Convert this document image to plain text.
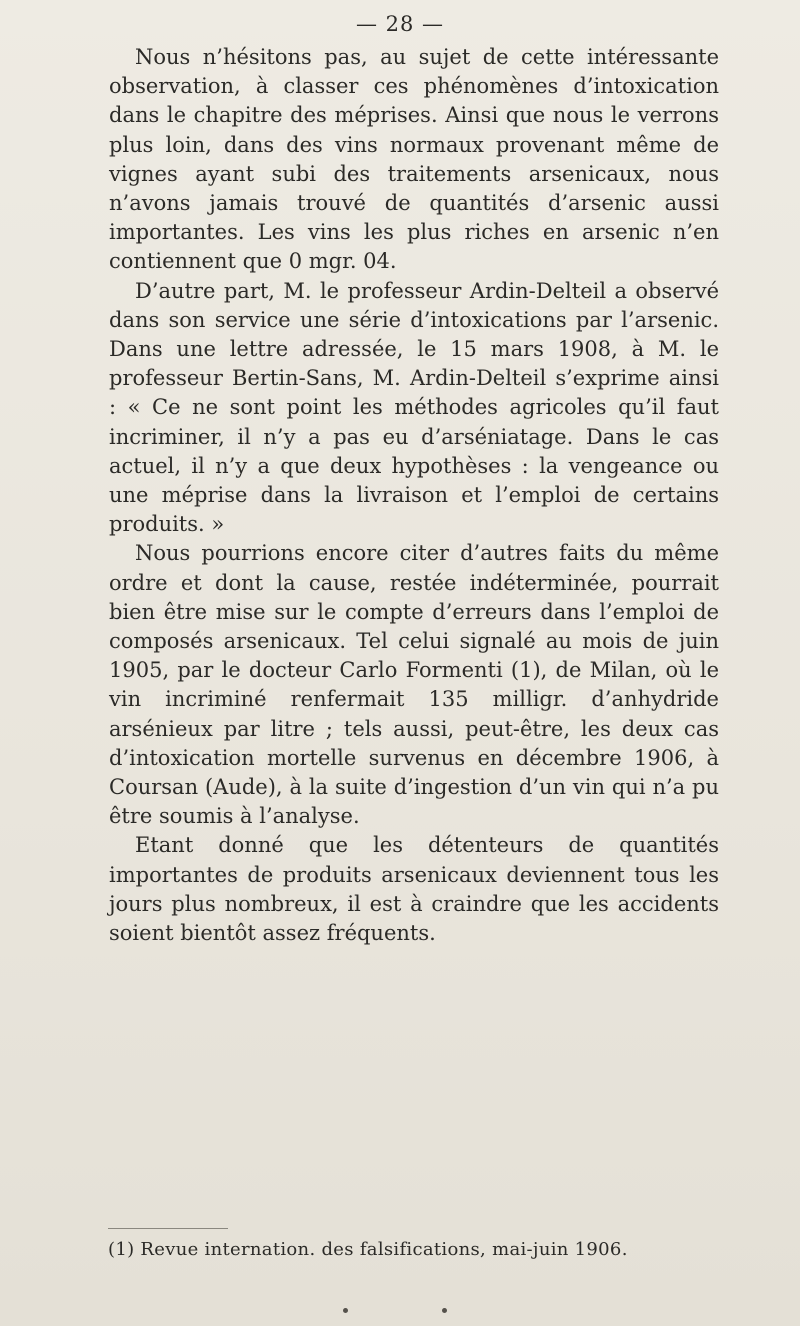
— 28 —

Nous n’hésitons pas, au sujet de cette intéressante observation, à classer ces phénomènes d’intoxication dans le chapitre des méprises. Ainsi que nous le verrons plus loin, dans des vins normaux provenant même de vignes ayant subi des traitements arsenicaux, nous n’avons jamais trouvé de quantités d’arsenic aussi importantes. Les vins les plus riches en arsenic n’en contiennent que 0 mgr. 04.

D’autre part, M. le professeur Ardin-Delteil a observé dans son service une série d’intoxications par l’arsenic. Dans une lettre adressée, le 15 mars 1908, à M. le professeur Bertin-Sans, M. Ardin-Delteil s’exprime ainsi : « Ce ne sont point les méthodes agricoles qu’il faut incriminer, il n’y a pas eu d’arséniatage. Dans le cas actuel, il n’y a que deux hypothèses : la vengeance ou une méprise dans la livraison et l’emploi de certains produits. »

Nous pourrions encore citer d’autres faits du même ordre et dont la cause, restée indéterminée, pourrait bien être mise sur le compte d’erreurs dans l’emploi de composés arsenicaux. Tel celui signalé au mois de juin 1905, par le docteur Carlo Formenti (1), de Milan, où le vin incriminé renfermait 135 milligr. d’anhydride arsénieux par litre ; tels aussi, peut-être, les deux cas d’intoxication mortelle survenus en décembre 1906, à Coursan (Aude), à la suite d’ingestion d’un vin qui n’a pu être soumis à l’analyse.

Etant donné que les détenteurs de quantités importantes de produits arsenicaux deviennent tous les jours plus nombreux, il est à craindre que les accidents soient bientôt assez fréquents.

(1) Revue internation. des falsifications, mai-juin 1906.
